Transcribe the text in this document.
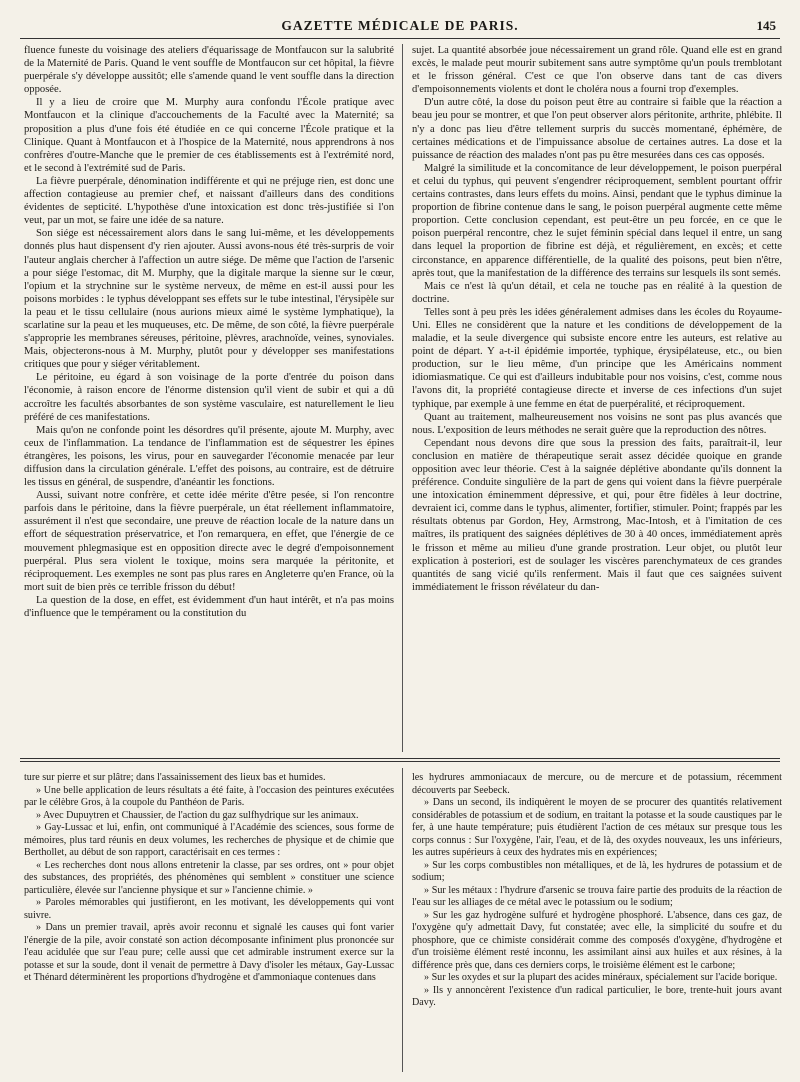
GAZETTE MÉDICALE DE PARIS.	145

fluence funeste du voisinage des ateliers d'équarissage de Montfaucon sur la salubrité de la Maternité de Paris. Quand le vent souffle de Montfaucon sur cet hôpital, la fièvre puerpérale s'y développe aussitôt; elle s'amende quand le vent souffle dans la direction opposée.

Il y a lieu de croire que M. Murphy aura confondu l'École pratique avec Montfaucon et la clinique d'accouchements de la Faculté avec la Maternité; sa proposition a plus d'une fois été étudiée en ce qui concerne l'École pratique et la Clinique. Quant à Montfaucon et à l'hospice de la Maternité, nous apprendrons à nos confrères d'outre-Manche que le premier de ces établissements est à l'extrémité nord, et le second à l'extrémité sud de Paris.

La fièvre puerpérale, dénomination indifférente et qui ne préjuge rien, est donc une affection contagieuse au premier chef, et naissant d'ailleurs dans des conditions évidentes de septicité. L'hypothèse d'une intoxication est donc très-justifiée si l'on veut, par un mot, se faire une idée de sa nature.

Son siége est nécessairement alors dans le sang lui-même, et les développements donnés plus haut dispensent d'y rien ajouter. Aussi avons-nous été très-surpris de voir l'auteur anglais chercher à l'affection un autre siége. De même que l'action de l'arsenic a pour siége l'estomac, dit M. Murphy, que la digitale marque la sienne sur le cœur, l'opium et la strychnine sur le système nerveux, de même en est-il aussi pour les poisons morbides : le typhus développant ses effets sur le tube intestinal, l'érysipèle sur la peau et le tissu cellulaire (nous aurions mieux aimé le système lymphatique), la scarlatine sur la peau et les muqueuses, etc. De même, de son côté, la fièvre puerpérale s'approprie les membranes séreuses, péritoine, plèvres, arachnoïde, veines, synoviales. Mais, objecterons-nous à M. Murphy, plutôt pour y développer ses manifestations critiques que pour y siéger véritablement.

Le péritoine, eu égard à son voisinage de la porte d'entrée du poison dans l'économie, à raison encore de l'énorme distension qu'il vient de subir et qui a dû accroître les facultés absorbantes de son système vasculaire, est naturellement le lieu préféré de ces manifestations.

Mais qu'on ne confonde point les désordres qu'il présente, ajoute M. Murphy, avec ceux de l'inflammation. La tendance de l'inflammation est de séquestrer les épines étrangères, les poisons, les virus, pour en sauvegarder l'économie menacée par leur diffusion dans la circulation générale. L'effet des poisons, au contraire, est de détruire les tissus en général, de suspendre, d'anéantir les fonctions.

Aussi, suivant notre confrère, et cette idée mérite d'être pesée, si l'on rencontre parfois dans le péritoine, dans la fièvre puerpérale, un état réellement inflammatoire, assurément il n'est que secondaire, une preuve de réaction locale de la nature dans un effort de séquestration préservatrice, et l'on remarquera, en effet, que l'énergie de ce mouvement phlegmasique est en opposition directe avec le degré d'empoisonnement puerpéral. Plus sera violent le toxique, moins sera marquée la péritonite, et réciproquement. Les exemples ne sont pas plus rares en Angleterre qu'en France, où la mort suit de bien près ce terrible frisson du début!

La question de la dose, en effet, est évidemment d'un haut intérêt, et n'a pas moins d'influence que le tempérament ou la constitution du

sujet. La quantité absorbée joue nécessairement un grand rôle. Quand elle est en grand excès, le malade peut mourir subitement sans autre symptôme qu'un pouls tremblotant et le frisson général. C'est ce que l'on observe dans tant de cas divers d'empoisonnements violents et dont le choléra nous a fourni trop d'exemples.

D'un autre côté, la dose du poison peut être au contraire si faible que la réaction a beau jeu pour se montrer, et que l'on peut observer alors péritonite, arthrite, phlébite. Il n'y a donc pas lieu d'être tellement surpris du succès momentané, éphémère, de certaines médications et de l'impuissance absolue de certaines autres. La dose et la puissance de réaction des malades n'ont pas pu être mesurées dans ces cas opposés.

Malgré la similitude et la concomitance de leur développement, le poison puerpéral et celui du typhus, qui peuvent s'engendrer réciproquement, semblent pourtant offrir certains contrastes, dans leurs effets du moins. Ainsi, pendant que le typhus diminue la proportion de fibrine contenue dans le sang, le poison puerpéral augmente cette même proportion. Cette conclusion cependant, est peut-être un peu forcée, en ce que le poison puerpéral rencontre, chez le sujet féminin spécial dans lequel il entre, un sang dans lequel la proportion de fibrine est déjà, et régulièrement, en excès; et cette circonstance, en apparence différentielle, de la qualité des poisons, peut bien n'être, après tout, que la manifestation de la différence des terrains sur lesquels ils sont semés.

Mais ce n'est là qu'un détail, et cela ne touche pas en réalité à la question de doctrine.

Telles sont à peu près les idées généralement admises dans les écoles du Royaume-Uni. Elles ne considèrent que la nature et les conditions de développement de la maladie, et la seule divergence qui subsiste encore entre les auteurs, est relative au point de départ. Y a-t-il épidémie importée, typhique, érysipélateuse, etc., ou bien production, sur le lieu même, d'un principe que les Américains nomment idiomiasmatique. Ce qui est d'ailleurs indubitable pour nos voisins, c'est, comme nous l'avons dit, la propriété contagieuse directe et inverse de ces infections d'un sujet typhique, par exemple à une femme en état de puerpéralité, et réciproquement.

Quant au traitement, malheureusement nos voisins ne sont pas plus avancés que nous. L'exposition de leurs méthodes ne serait guère que la reproduction des nôtres.

Cependant nous devons dire que sous la pression des faits, paraîtrait-il, leur conclusion en matière de thérapeutique serait assez décidée quoique en grande opposition avec leur théorie. C'est à la saignée déplétive abondante qu'ils donnent la préférence. Conduite singulière de la part de gens qui voient dans la fièvre puerpérale une intoxication éminemment dépressive, et qui, pour être fidèles à leur doctrine, devraient ici, comme dans le typhus, alimenter, fortifier, stimuler. Point; frappés par les résultats obtenus par Gordon, Hey, Armstrong, Mac-Intosh, et à l'imitation de ces maîtres, ils pratiquent des saignées déplétives de 30 à 40 onces, immédiatement après le frisson et même au milieu d'une grande prostration. Leur objet, ou plutôt leur explication à posteriori, est de soulager les viscères parenchymateux de ces grandes quantités de sang vicié qu'ils renferment. Mais il faut que ces saignées suivent immédiatement le frisson révélateur du dan-

ture sur pierre et sur plâtre; dans l'assainissement des lieux bas et humides.

» Une belle application de leurs résultats a été faite, à l'occasion des peintures exécutées par le célèbre Gros, à la coupole du Panthéon de Paris.

» Avec Dupuytren et Chaussier, de l'action du gaz sulfhydrique sur les animaux.

» Gay-Lussac et lui, enfin, ont communiqué à l'Académie des sciences, sous forme de mémoires, plus tard réunis en deux volumes, les recherches de physique et de chimie que Berthollet, au début de son rapport, caractérisait en ces termes :

« Les recherches dont nous allons entretenir la classe, par ses ordres, ont » pour objet des substances, des propriétés, des phénomènes qui semblent » constituer une science particulière, élevée sur l'ancienne physique et sur » l'ancienne chimie. »

» Paroles mémorables qui justifieront, en les motivant, les développements qui vont suivre.

» Dans un premier travail, après avoir reconnu et signalé les causes qui font varier l'énergie de la pile, avoir constaté son action décomposante infiniment plus prononcée sur l'eau acidulée que sur l'eau pure; celle aussi que cet admirable instrument exerce sur la potasse et sur la soude, dont il venait de permettre à Davy d'isoler les métaux, Gay-Lussac et Thénard déterminèrent les proportions d'hydrogène et d'ammoniaque contenues dans

les hydrures ammoniacaux de mercure, ou de mercure et de potassium, récemment découverts par Seebeck.

» Dans un second, ils indiquèrent le moyen de se procurer des quantités relativement considérables de potassium et de sodium, en traitant la potasse et la soude caustiques par le fer, à une haute température; puis étudièrent l'action de ces métaux sur presque tous les corps connus : Sur l'oxygène, l'air, l'eau, et de là, des oxydes nouveaux, les uns inférieurs, les autres supérieurs à ceux des hydrates mis en expériences;

» Sur les corps combustibles non métalliques, et de là, les hydrures de potassium et de sodium;

» Sur les métaux : l'hydrure d'arsenic se trouva faire partie des produits de la réaction de l'eau sur les alliages de ce métal avec le potassium ou le sodium;

» Sur les gaz hydrogène sulfuré et hydrogène phosphoré. L'absence, dans ces gaz, de l'oxygène qu'y admettait Davy, fut constatée; avec elle, la simplicité du soufre et du phosphore, que ce chimiste considérait comme des composés d'oxygène, d'hydrogène et d'un troisième élément resté inconnu, les assimilant ainsi aux huiles et aux résines, à la différence près que, dans ces derniers corps, le troisième élément est le carbone;

» Sur les oxydes et sur la plupart des acides minéraux, spécialement sur l'acide borique.

» Ils y annoncèrent l'existence d'un radical particulier, le bore, trente-huit jours avant Davy.
